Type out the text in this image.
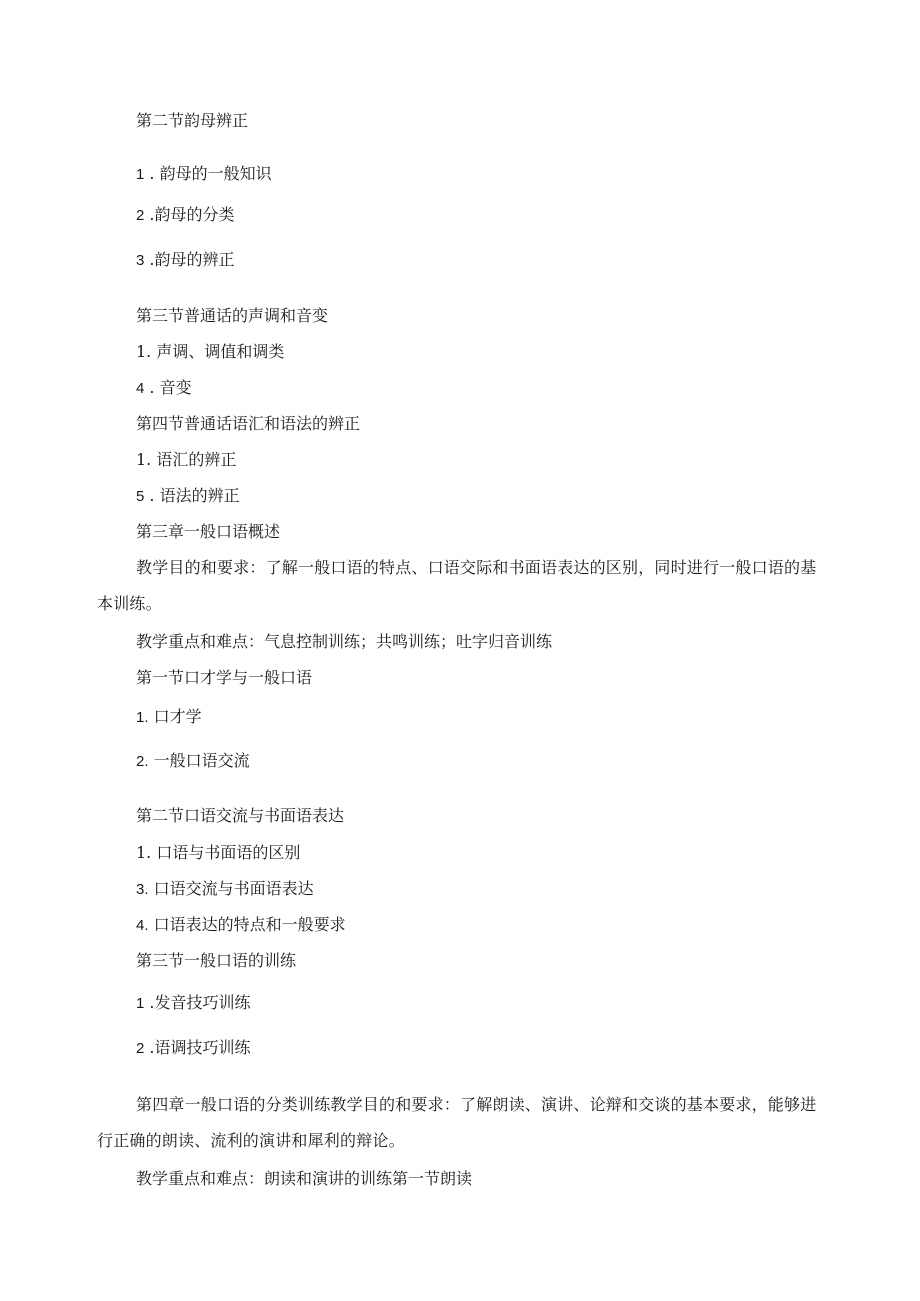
第二节韵母辨正
1 . 韵母的一般知识
2 .韵母的分类
3 .韵母的辨正
第三节普通话的声调和音变
1. 声调、调值和调类
4 . 音变
第四节普通话语汇和语法的辨正
1. 语汇的辨正
5 . 语法的辨正
第三章一般口语概述
教学目的和要求：了解一般口语的特点、口语交际和书面语表达的区别，同时进行一般口语的基本训练。
教学重点和难点：气息控制训练；共鸣训练；吐字归音训练
第一节口才学与一般口语
1. 口才学
2. 一般口语交流
第二节口语交流与书面语表达
1. 口语与书面语的区别
3. 口语交流与书面语表达
4. 口语表达的特点和一般要求
第三节一般口语的训练
1 .发音技巧训练
2 .语调技巧训练
第四章一般口语的分类训练教学目的和要求：了解朗读、演讲、论辩和交谈的基本要求，能够进行正确的朗读、流利的演讲和犀利的辩论。
教学重点和难点：朗读和演讲的训练第一节朗读
